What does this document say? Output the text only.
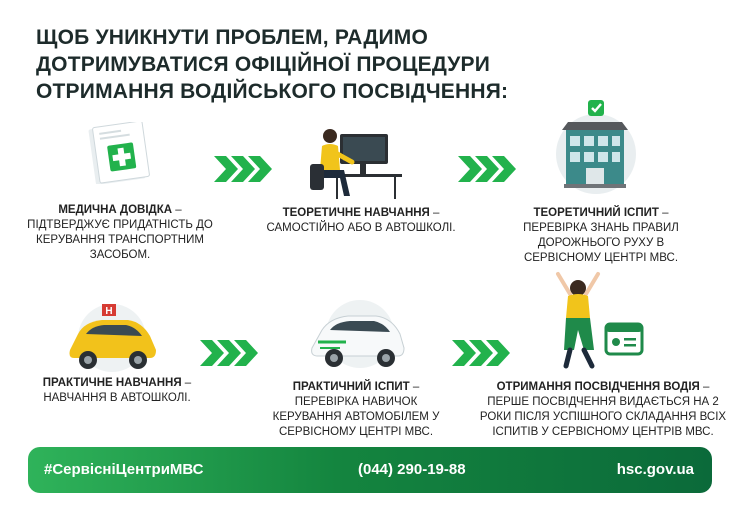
ЩОБ УНИКНУТИ ПРОБЛЕМ, РАДИМО
ДОТРИМУВАТИСЯ ОФІЦІЙНОЇ ПРОЦЕДУРИ
ОТРИМАННЯ ВОДІЙСЬКОГО ПОСВІДЧЕННЯ:
H
МЕДИЧНА ДОВІДКА –
ПІДТВЕРДЖУЄ ПРИДАТНІСТЬ ДО
КЕРУВАННЯ ТРАНСПОРТНИМ
ЗАСОБОМ.
ТЕОРЕТИЧНЕ НАВЧАННЯ –
САМОСТІЙНО АБО В АВТОШКОЛІ.
ТЕОРЕТИЧНИЙ ІСПИТ –
ПЕРЕВІРКА ЗНАНЬ ПРАВИЛ
ДОРОЖНЬОГО РУХУ В
СЕРВІСНОМУ ЦЕНТРІ МВС.
ПРАКТИЧНЕ НАВЧАННЯ –
НАВЧАННЯ В АВТОШКОЛІ.
ПРАКТИЧНИЙ ІСПИТ –
ПЕРЕВІРКА НАВИЧОК
КЕРУВАННЯ АВТОМОБІЛЕМ У
СЕРВІСНОМУ ЦЕНТРІ МВС.
ОТРИМАННЯ ПОСВІДЧЕННЯ ВОДІЯ –
ПЕРШЕ ПОСВІДЧЕННЯ ВИДАЄТЬСЯ НА 2
РОКИ ПІСЛЯ УСПІШНОГО СКЛАДАННЯ ВСІХ
ІСПИТІВ У СЕРВІСНОМУ ЦЕНТРІВ МВС.
#СервісніЦентриМВС	(044) 290-19-88	hsc.gov.ua
